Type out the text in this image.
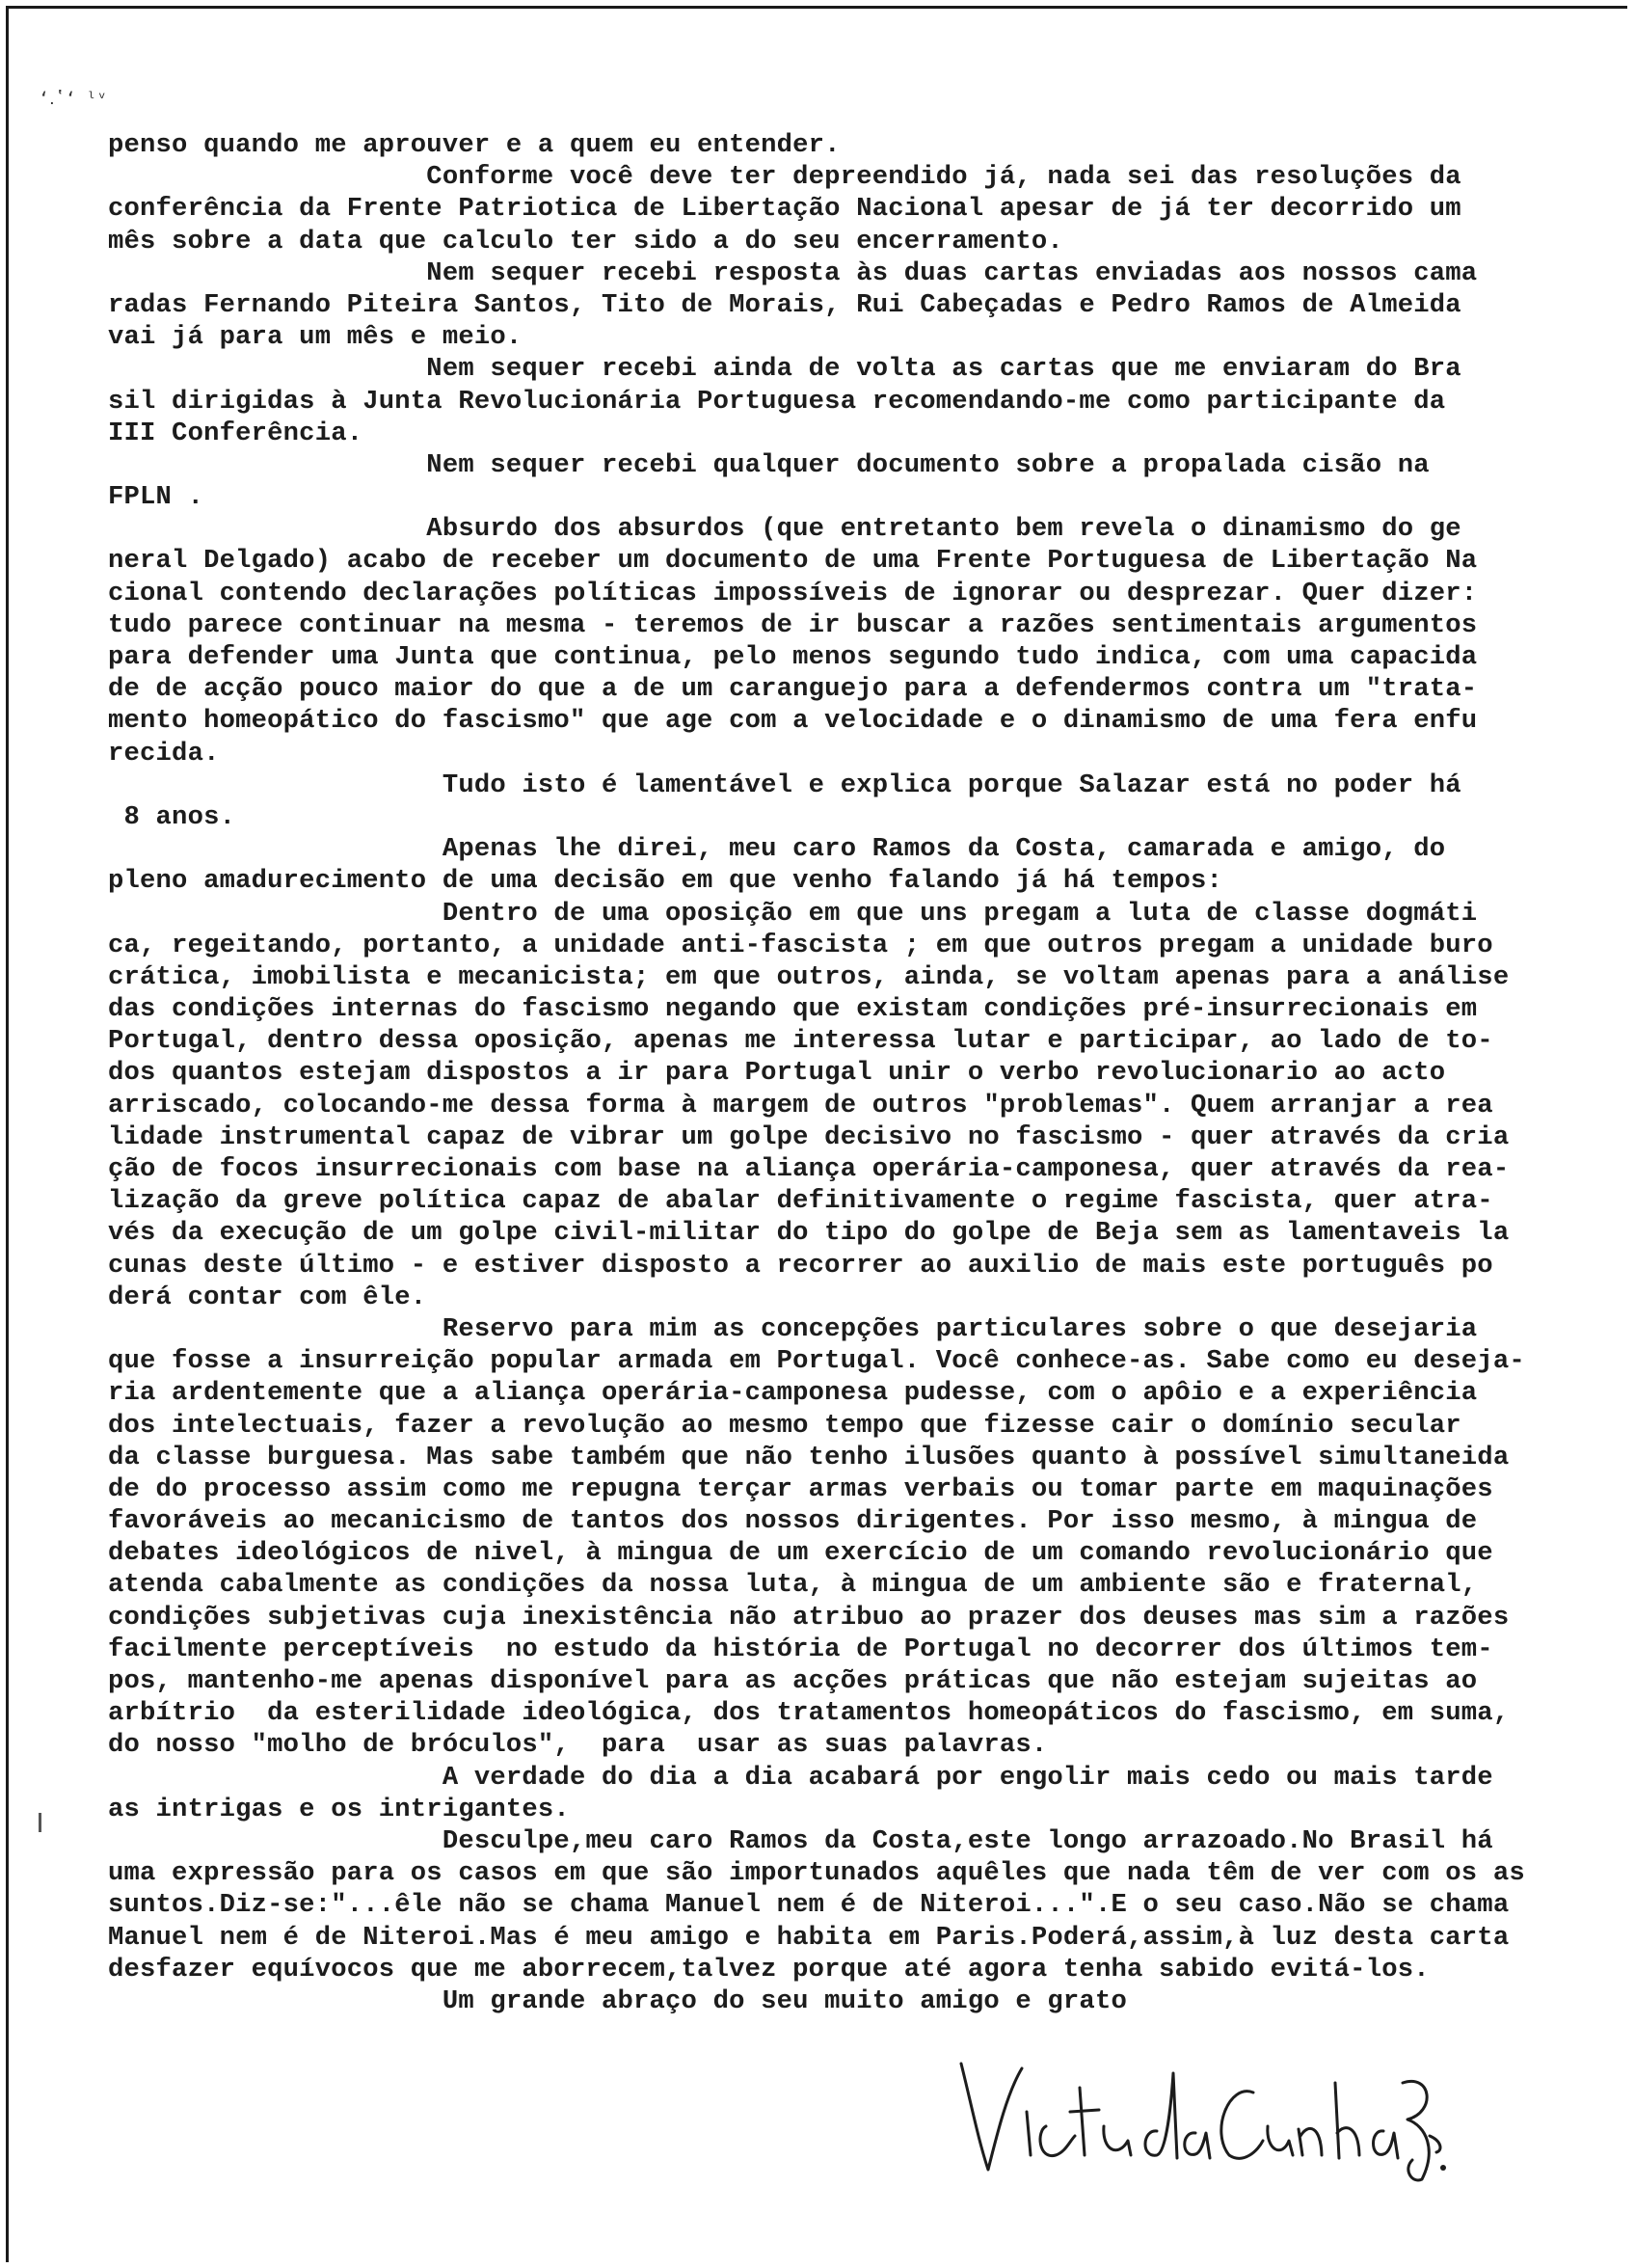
‘․ʽ‘ ˡᵛ
penso quando me aprouver e a quem eu entender.
Conforme você deve ter depreendido já, nada sei das resoluções da
conferência da Frente Patriotica de Libertação Nacional apesar de já ter decorrido um
mês sobre a data que calculo ter sido a do seu encerramento.
Nem sequer recebi resposta às duas cartas enviadas aos nossos cama
radas Fernando Piteira Santos, Tito de Morais, Rui Cabeçadas e Pedro Ramos de Almeida
vai já para um mês e meio.
Nem sequer recebi ainda de volta as cartas que me enviaram do Bra
sil dirigidas à Junta Revolucionária Portuguesa recomendando-me como participante da
III Conferência.
Nem sequer recebi qualquer documento sobre a propalada cisão na
FPLN .
Absurdo dos absurdos (que entretanto bem revela o dinamismo do ge
neral Delgado) acabo de receber um documento de uma Frente Portuguesa de Libertação Na
cional contendo declarações políticas impossíveis de ignorar ou desprezar. Quer dizer:
tudo parece continuar na mesma - teremos de ir buscar a razões sentimentais argumentos
para defender uma Junta que continua, pelo menos segundo tudo indica, com uma capacida
de de acção pouco maior do que a de um caranguejo para a defendermos contra um "trata-
mento homeopático do fascismo" que age com a velocidade e o dinamismo de uma fera enfu
recida.
Tudo isto é lamentável e explica porque Salazar está no poder há
8 anos.
Apenas lhe direi, meu caro Ramos da Costa, camarada e amigo, do
pleno amadurecimento de uma decisão em que venho falando já há tempos:
Dentro de uma oposição em que uns pregam a luta de classe dogmáti
ca, regeitando, portanto, a unidade anti-fascista ; em que outros pregam a unidade buro
crática, imobilista e mecanicista; em que outros, ainda, se voltam apenas para a análise
das condições internas do fascismo negando que existam condições pré-insurrecionais em
Portugal, dentro dessa oposição, apenas me interessa lutar e participar, ao lado de to-
dos quantos estejam dispostos a ir para Portugal unir o verbo revolucionario ao acto
arriscado, colocando-me dessa forma à margem de outros "problemas". Quem arranjar a rea
lidade instrumental capaz de vibrar um golpe decisivo no fascismo - quer através da cria
ção de focos insurrecionais com base na aliança operária-camponesa, quer através da rea-
lização da greve política capaz de abalar definitivamente o regime fascista, quer atra-
vés da execução de um golpe civil-militar do tipo do golpe de Beja sem as lamentaveis la
cunas deste último - e estiver disposto a recorrer ao auxilio de mais este português po
derá contar com êle.
Reservo para mim as concepções particulares sobre o que desejaria
que fosse a insurreição popular armada em Portugal. Você conhece-as. Sabe como eu deseja-
ria ardentemente que a aliança operária-camponesa pudesse, com o apôio e a experiência
dos intelectuais, fazer a revolução ao mesmo tempo que fizesse cair o domínio secular
da classe burguesa. Mas sabe também que não tenho ilusões quanto à possível simultaneida
de do processo assim como me repugna terçar armas verbais ou tomar parte em maquinações
favoráveis ao mecanicismo de tantos dos nossos dirigentes. Por isso mesmo, à mingua de
debates ideológicos de nivel, à mingua de um exercício de um comando revolucionário que
atenda cabalmente as condições da nossa luta, à mingua de um ambiente são e fraternal,
condições subjetivas cuja inexistência não atribuo ao prazer dos deuses mas sim a razões
facilmente perceptíveis  no estudo da história de Portugal no decorrer dos últimos tem-
pos, mantenho-me apenas disponível para as acções práticas que não estejam sujeitas ao
arbítrio  da esterilidade ideológica, dos tratamentos homeopáticos do fascismo, em suma,
do nosso "molho de bróculos",  para  usar as suas palavras.
A verdade do dia a dia acabará por engolir mais cedo ou mais tarde
as intrigas e os intrigantes.
Desculpe,meu caro Ramos da Costa,este longo arrazoado.No Brasil há
uma expressão para os casos em que são importunados aquêles que nada têm de ver com os as
suntos.Diz-se:"...êle não se chama Manuel nem é de Niteroi...".E o seu caso.Não se chama
Manuel nem é de Niteroi.Mas é meu amigo e habita em Paris.Poderá,assim,à luz desta carta
desfazer equívocos que me aborrecem,talvez porque até agora tenha sabido evitá-los.
Um grande abraço do seu muito amigo e grato
